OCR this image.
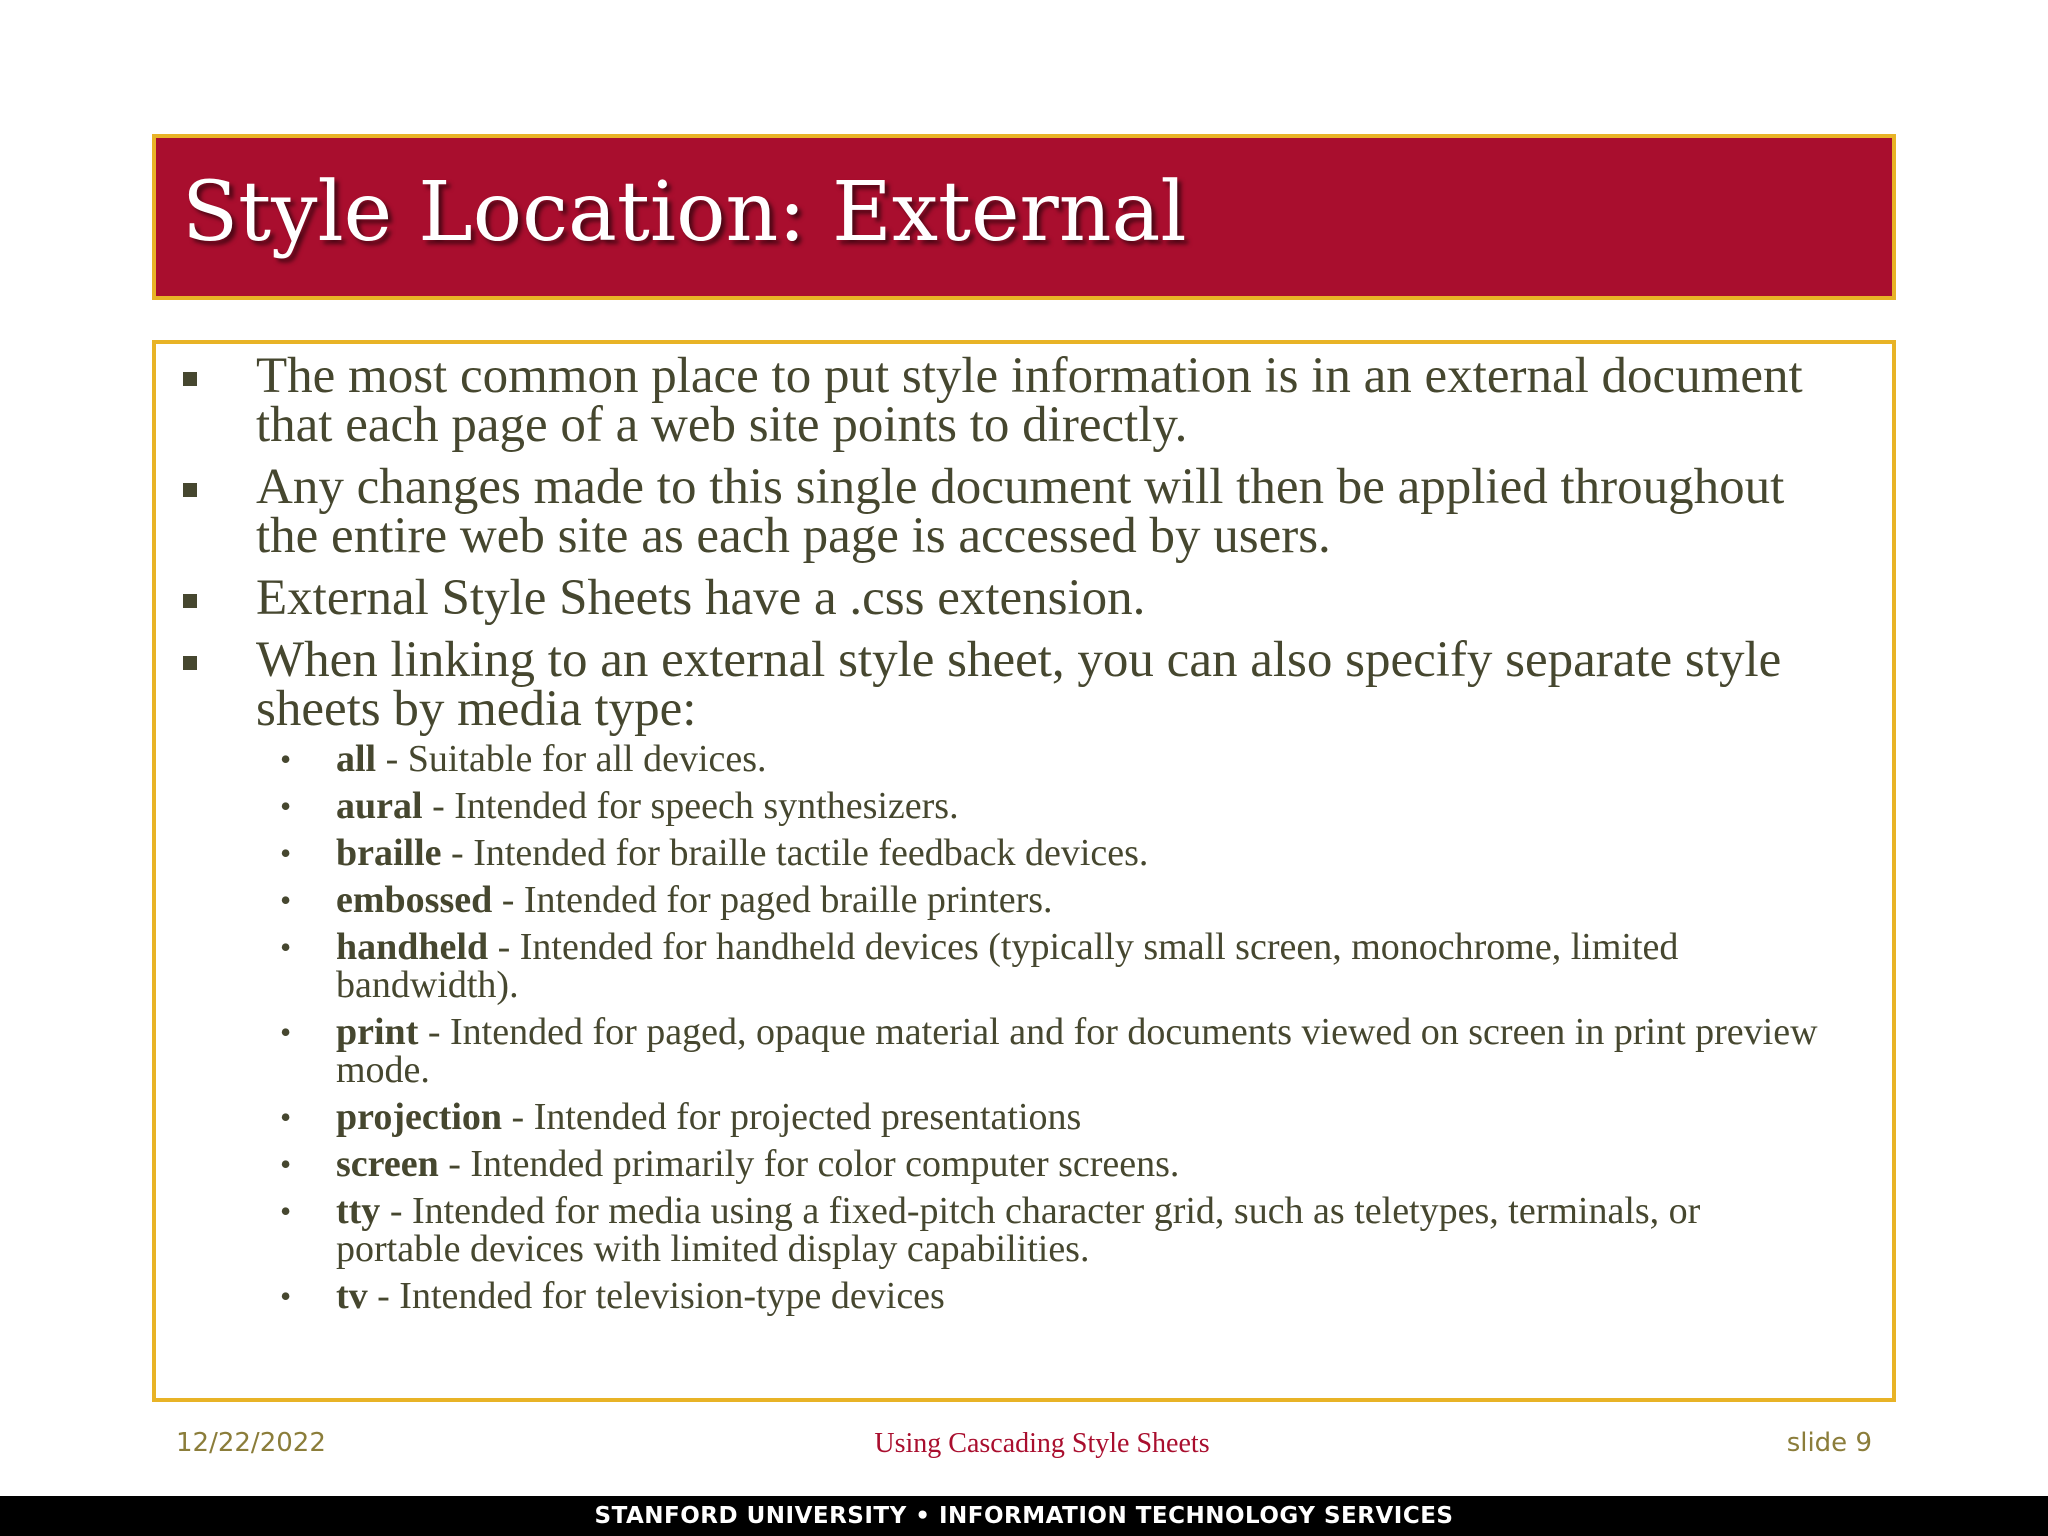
Style Location: External
The most common place to put style information is in an external document that each page of a web site points to directly.
Any changes made to this single document will then be applied throughout the entire web site as each page is accessed by users.
External Style Sheets have a .css extension.
When linking to an external style sheet, you can also specify separate style sheets by media type:
• all - Suitable for all devices.
• aural - Intended for speech synthesizers.
• braille - Intended for braille tactile feedback devices.
• embossed - Intended for paged braille printers.
• handheld - Intended for handheld devices (typically small screen, monochrome, limited bandwidth).
• print - Intended for paged, opaque material and for documents viewed on screen in print preview mode.
• projection - Intended for projected presentations
• screen - Intended primarily for color computer screens.
• tty - Intended for media using a fixed-pitch character grid, such as teletypes, terminals, or portable devices with limited display capabilities.
• tv - Intended for television-type devices
12/22/2022	Using Cascading Style Sheets	slide 9
STANFORD UNIVERSITY • INFORMATION TECHNOLOGY SERVICES
